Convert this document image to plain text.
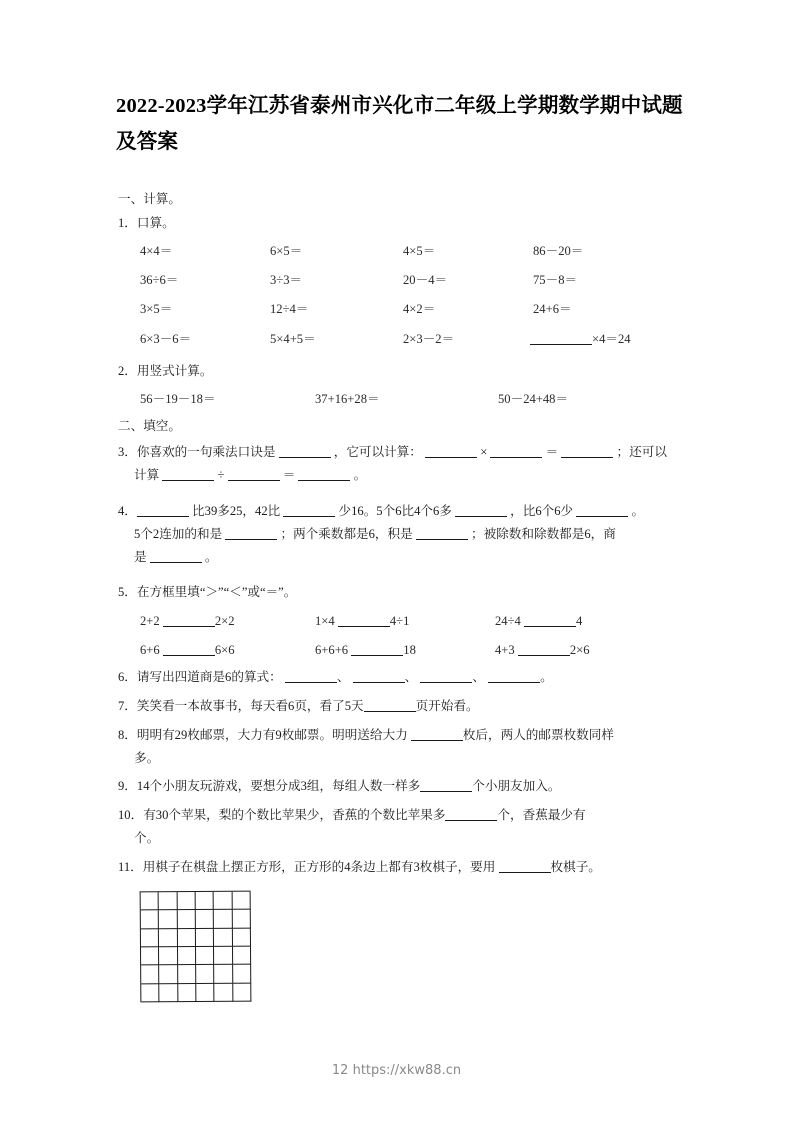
2022-2023学年江苏省泰州市兴化市二年级上学期数学期中试题及答案
一、计算。
1．口算。
4×4＝	6×5＝	4×5＝	86－20＝
36÷6＝	3÷3＝	20－4＝	75－8＝
3×5＝	12÷4＝	4×2＝	24+6＝
6×3－6＝	5×4+5＝	2×3－2＝	×4＝24
2．用竖式计算。
56－19－18＝	37+16+28＝	50－24+48＝
二、填空。
3．你喜欢的一句乘法口诀是	，它可以计算：	×	＝	；还可以
计算	÷	＝	。
4．	比39多25，42比	少16。5个6比4个6多	，比6个6少	。
5个2连加的和是	；两个乘数都是6，积是	；被除数和除数都是6，商
是	。
5．在方框里填“＞”“＜”或“＝”。
2+2	2×2	1×4	4÷1	24÷4	4
6+6	6×6	6+6+6	18	4+3	2×6
6．请写出四道商是6的算式：	、	、	、	。
7．笑笑看一本故事书，每天看6页，看了5天	页开始看。
8．明明有29枚邮票，大力有9枚邮票。明明送给大力	枚后，两人的邮票枚数同样
多。
9．14个小朋友玩游戏，要想分成3组，每组人数一样多	个小朋友加入。
10．有30个苹果，梨的个数比苹果少，香蕉的个数比苹果多	个，香蕉最少有
个。
11．用棋子在棋盘上摆正方形，正方形的4条边上都有3枚棋子，要用	枚棋子。
12 https://xkw88.cn
